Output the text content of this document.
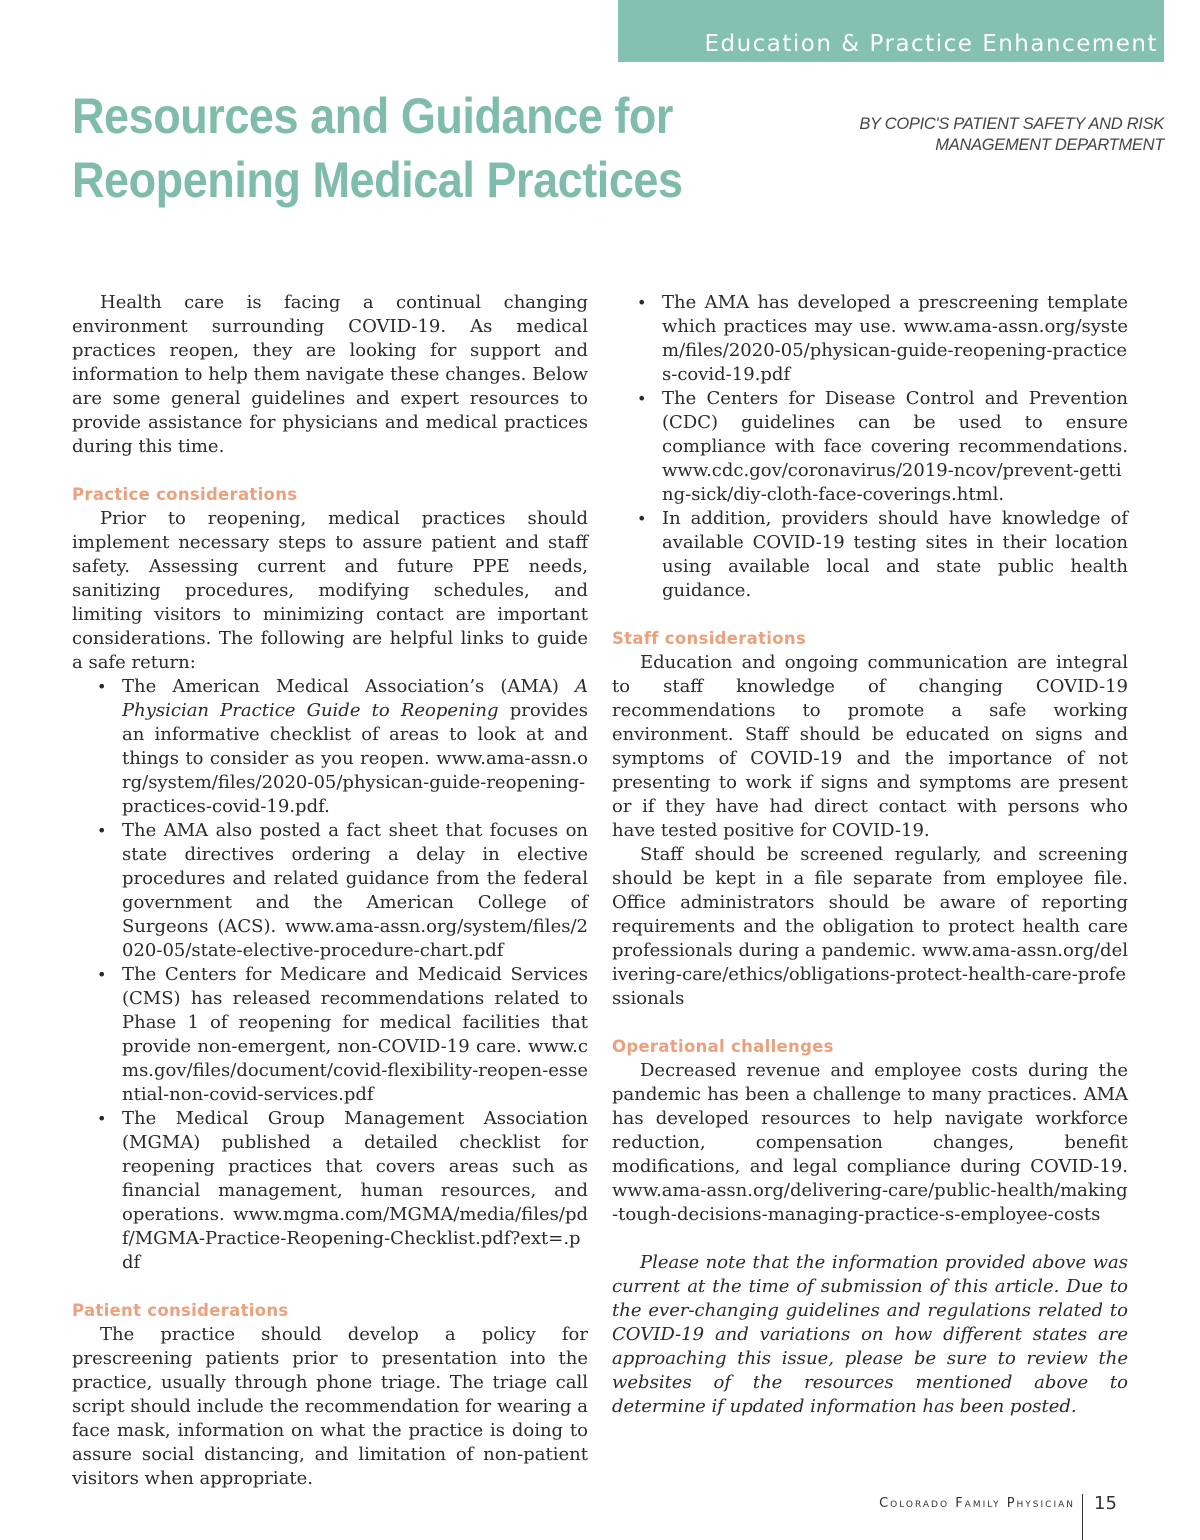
Education & Practice Enhancement
Resources and Guidance for Reopening Medical Practices
BY COPIC'S PATIENT SAFETY AND RISK MANAGEMENT DEPARTMENT

Health care is facing a continual changing environment surrounding COVID-19. As medical practices reopen, they are looking for support and information to help them navigate these changes. Below are some general guidelines and expert resources to provide assistance for physicians and medical practices during this time.

Practice considerations

Prior to reopening, medical practices should implement necessary steps to assure patient and staff safety. Assessing current and future PPE needs, sanitizing procedures, modifying schedules, and limiting visitors to minimizing contact are important considerations. The following are helpful links to guide a safe return:

• The American Medical Association’s (AMA) A Physician Practice Guide to Reopening provides an informative checklist of areas to look at and things to consider as you reopen. www.ama-assn.org/system/files/2020-05/physican-guide-reopening-practices-covid-19.pdf.
• The AMA also posted a fact sheet that focuses on state directives ordering a delay in elective procedures and related guidance from the federal government and the American College of Surgeons (ACS). www.ama-assn.org/system/files/2020-05/state-elective-procedure-chart.pdf
• The Centers for Medicare and Medicaid Services (CMS) has released recommendations related to Phase 1 of reopening for medical facilities that provide non-emergent, non-COVID-19 care. www.cms.gov/files/document/covid-flexibility-reopen-essential-non-covid-services.pdf
• The Medical Group Management Association (MGMA) published a detailed checklist for reopening practices that covers areas such as financial management, human resources, and operations. www.mgma.com/MGMA/media/files/pdf/MGMA-Practice-Reopening-Checklist.pdf?ext=.pdf
Patient considerations

The practice should develop a policy for prescreening patients prior to presentation into the practice, usually through phone triage. The triage call script should include the recommendation for wearing a face mask, information on what the practice is doing to assure social distancing, and limitation of non-patient visitors when appropriate.

• The AMA has developed a prescreening template which practices may use. www.ama-assn.org/system/files/2020-05/physican-guide-reopening-practices-covid-19.pdf
• The Centers for Disease Control and Prevention (CDC) guidelines can be used to ensure compliance with face covering recommendations. www.cdc.gov/coronavirus/2019-ncov/prevent-getting-sick/diy-cloth-face-coverings.html.
• In addition, providers should have knowledge of available COVID-19 testing sites in their location using available local and state public health guidance.
Staff considerations

Education and ongoing communication are integral to staff knowledge of changing COVID-19 recommendations to promote a safe working environment. Staff should be educated on signs and symptoms of COVID-19 and the importance of not presenting to work if signs and symptoms are present or if they have had direct contact with persons who have tested positive for COVID-19.

Staff should be screened regularly, and screening should be kept in a file separate from employee file. Office administrators should be aware of reporting requirements and the obligation to protect health care professionals during a pandemic. www.ama-assn.org/delivering-care/ethics/obligations-protect-health-care-professionals

Operational challenges

Decreased revenue and employee costs during the pandemic has been a challenge to many practices. AMA has developed resources to help navigate workforce reduction, compensation changes, benefit modifications, and legal compliance during COVID-19. www.ama-assn.org/delivering-care/public-health/making-tough-decisions-managing-practice-s-employee-costs

Please note that the information provided above was current at the time of submission of this article. Due to the ever-changing guidelines and regulations related to COVID-19 and variations on how different states are approaching this issue, please be sure to review the websites of the resources mentioned above to determine if updated information has been posted.

Colorado Family Physician 15
